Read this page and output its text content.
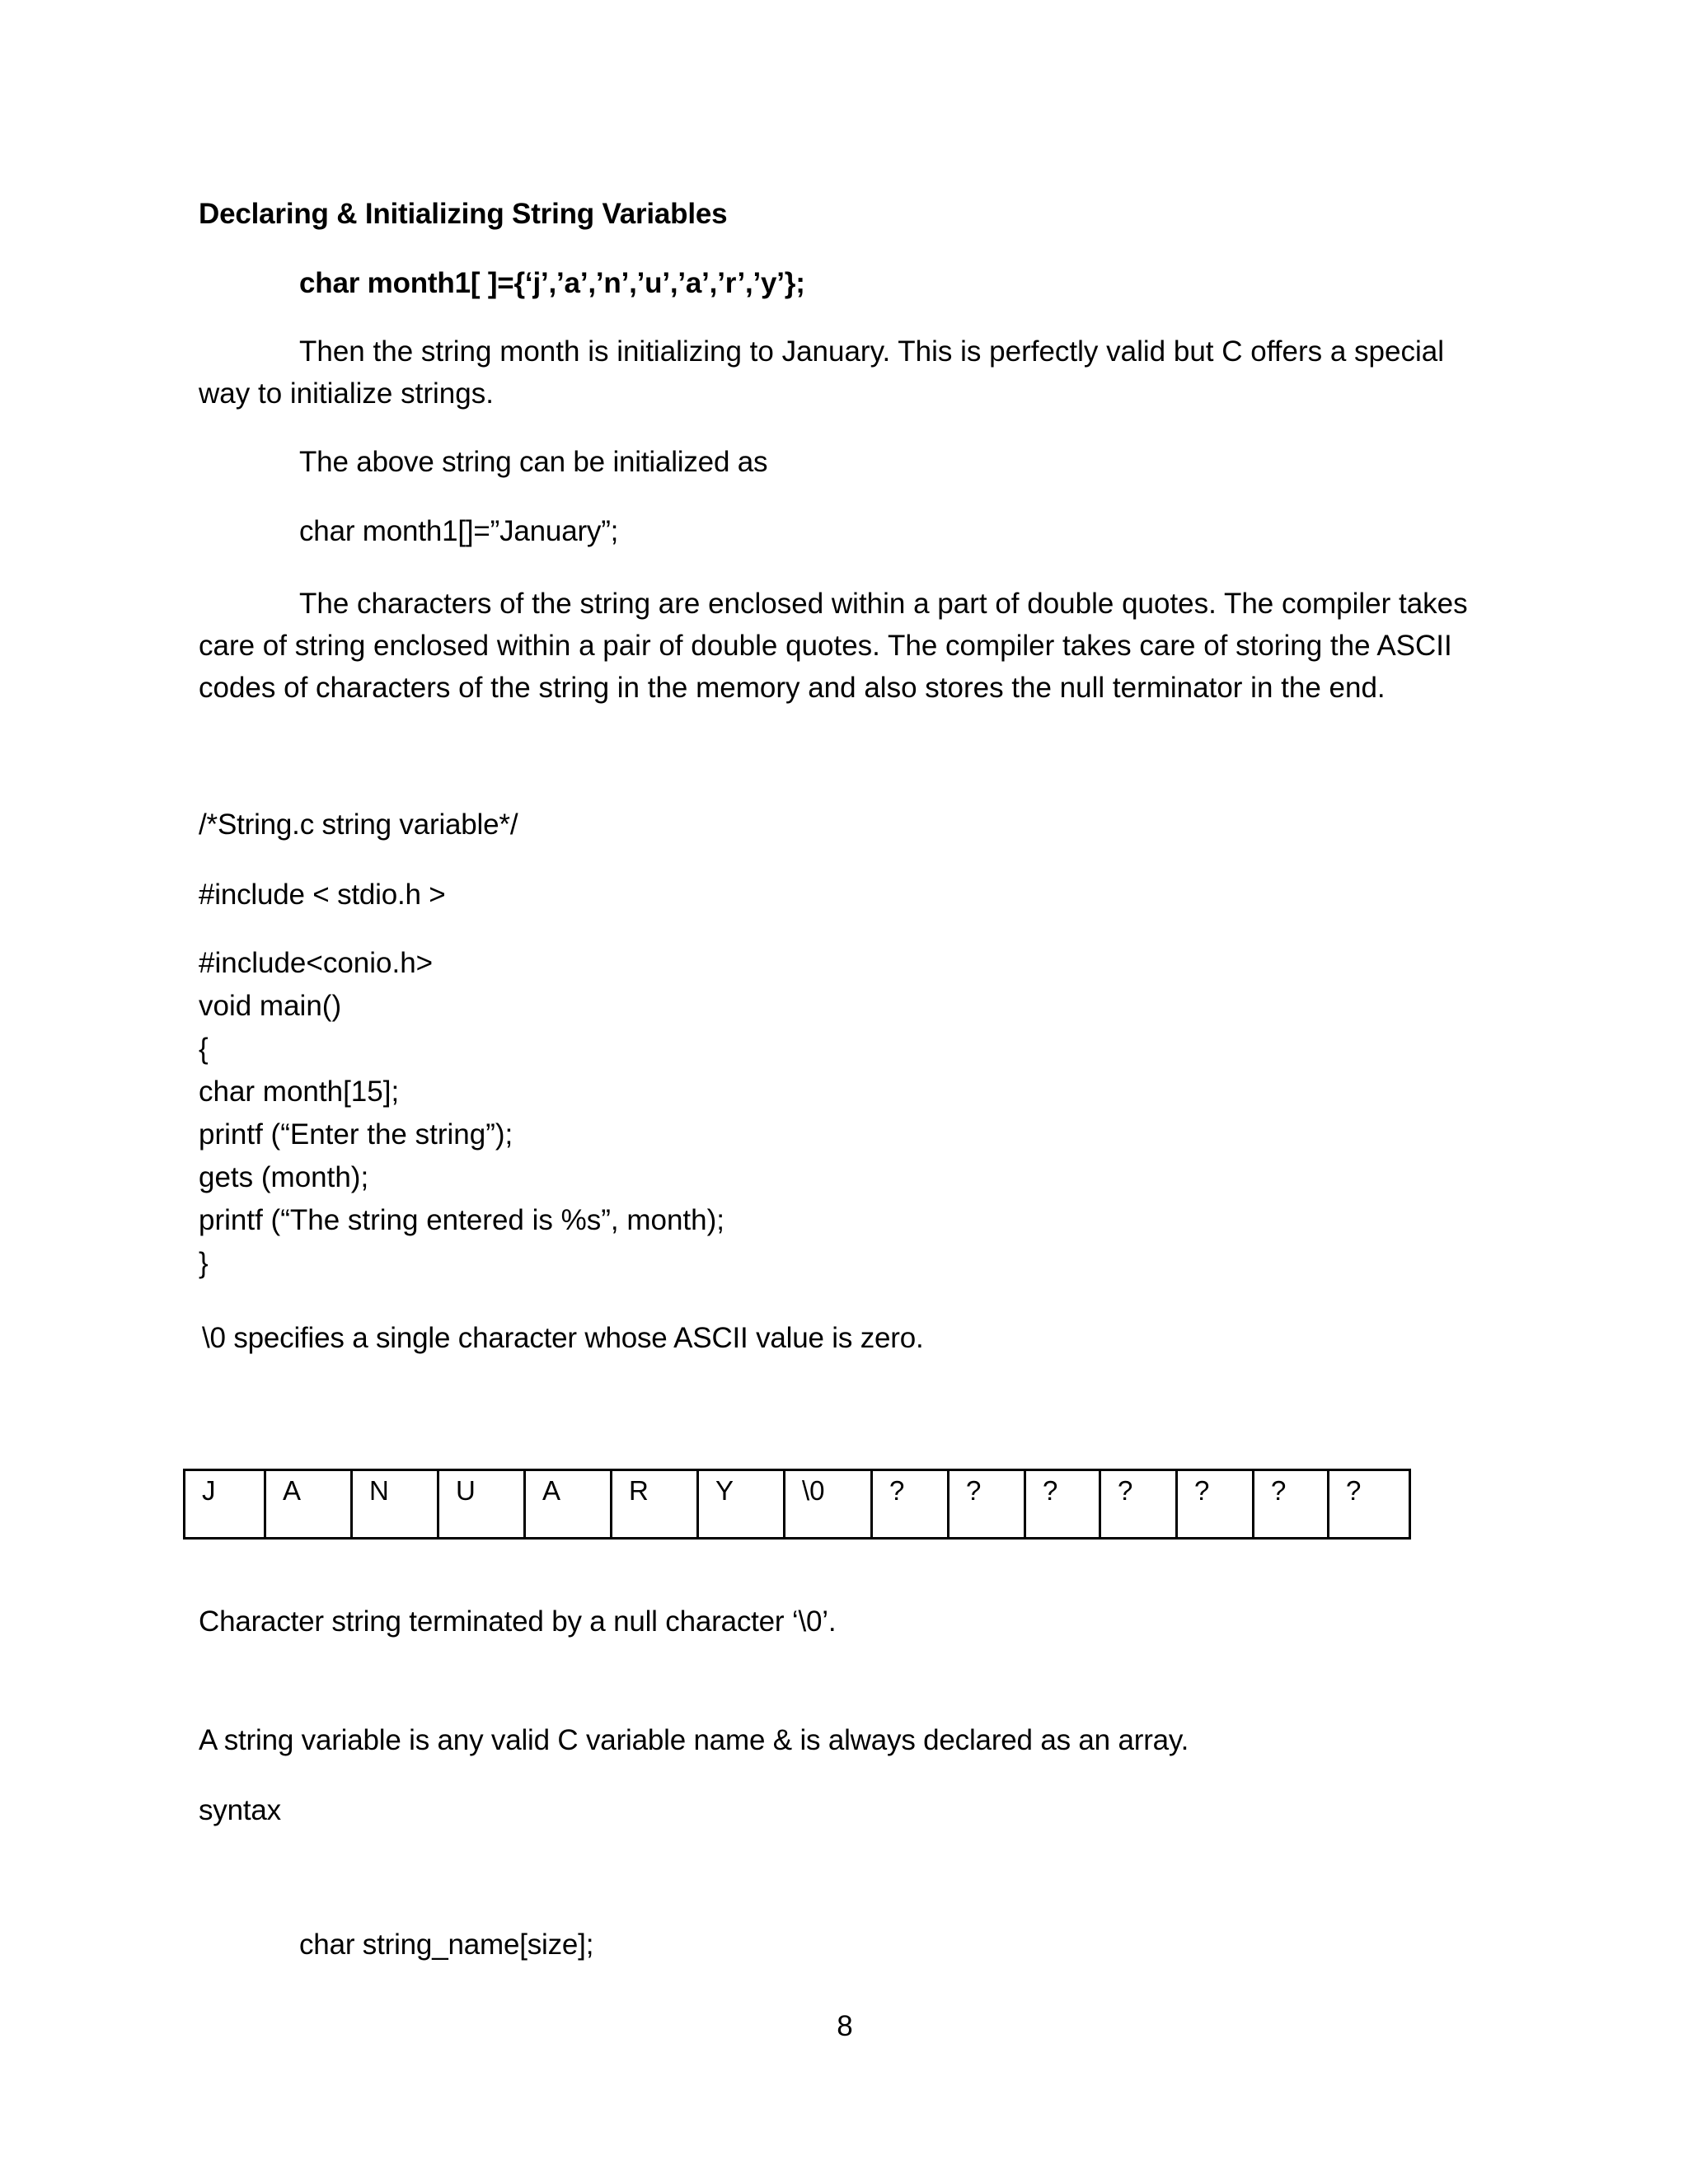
Declaring & Initializing String Variables
char month1[ ]={‘j’,’a’,’n’,’u’,’a’,’r’,’y’};
Then the string month is initializing to January. This is perfectly valid but C offers a special way to initialize strings.
The above string can be initialized as
char month1[]=”January”;
The characters of the string are enclosed within a part of double quotes. The compiler takes care of string enclosed within a pair of double quotes. The compiler takes care of storing the ASCII codes of characters of the string in the memory and also stores the null terminator in the end.
/*String.c string variable*/
#include < stdio.h >
#include<conio.h>
void main()
{
char month[15];
printf (“Enter the string”);
gets (month);
printf (“The string entered is %s”, month);
}
\0 specifies a single character whose ASCII value is zero.
J	A	N	U	A	R	Y	\0	?	?	?	?	?	?	?
Character string terminated by a null character ‘\0’.
A string variable is any valid C variable name & is always declared as an array.
syntax
char string_name[size];
8
